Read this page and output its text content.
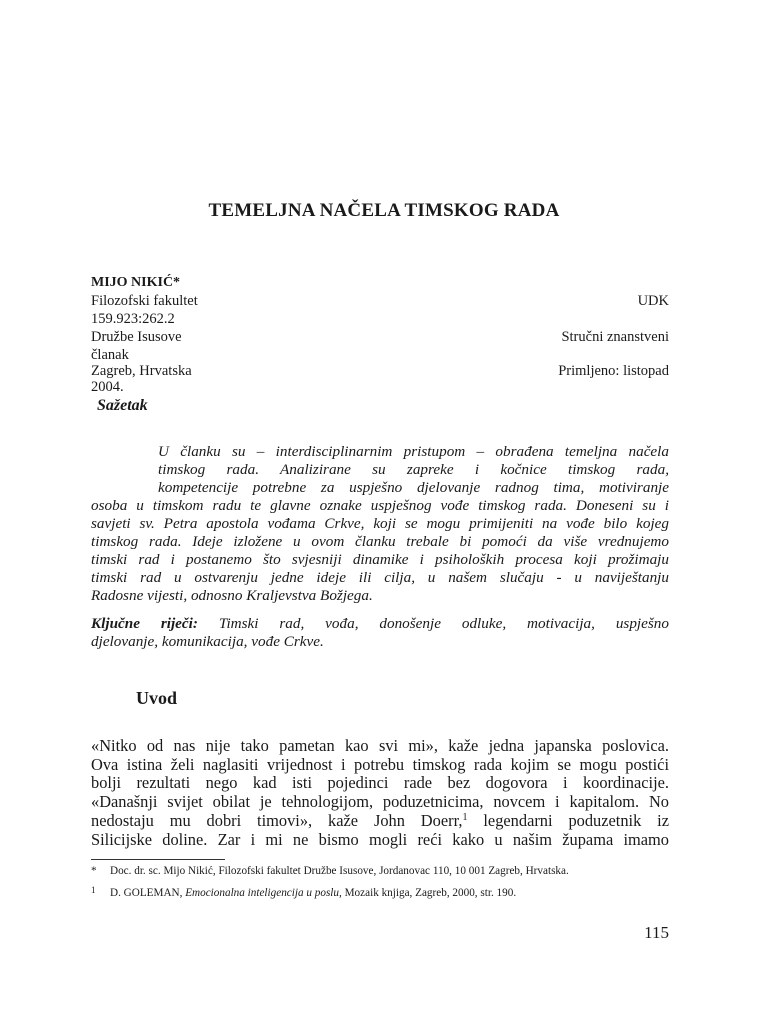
TEMELJNA NAČELA TIMSKOG RADA
MIJO NIKIĆ*
Filozofski fakultet
159.923:262.2
Družbe Isusove
članak
Zagreb, Hrvatska
2004.
UDK
Stručni znanstveni
Primljeno: listopad
Sažetak
U članku su – interdisciplinarnim pristupom – obrađena temeljna načela
timskog rada. Analizirane su zapreke i kočnice timskog rada,
kompetencije potrebne za uspješno djelovanje radnog tima, motiviranje
osoba u timskom radu te glavne oznake uspješnog vođe timskog rada. Doneseni su i
savjeti sv. Petra apostola vođama Crkve, koji se mogu primijeniti na vođe bilo kojeg
timskog rada. Ideje izložene u ovom članku trebale bi pomoći da više vrednujemo
timski rad i postanemo što svjesniji dinamike i psiholoških procesa koji prožimaju
timski rad u ostvarenju jedne ideje ili cilja, u našem slučaju - u naviještanju
Radosne vijesti, odnosno Kraljevstva Božjega.
Ključne riječi: Timski rad, vođa, donošenje odluke, motivacija, uspješno
djelovanje, komunikacija, vođe Crkve.
Uvod
«Nitko od nas nije tako pametan kao svi mi», kaže jedna japanska poslovica.
Ova istina želi naglasiti vrijednost i potrebu timskog rada kojim se mogu postići
bolji rezultati nego kad isti pojedinci rade bez dogovora i koordinacije.
«Današnji svijet obilat je tehnologijom, poduzetnicima, novcem i kapitalom. No
nedostaju mu dobri timovi», kaže John Doerr,$^1$ legendarni poduzetnik iz
Silicijske doline. Zar i mi ne bismo mogli reći kako u našim župama imamo
* Doc. dr. sc. Mijo Nikić, Filozofski fakultet Družbe Isusove, Jordanovac 110, 10 001 Zagreb, Hrvatska.
1 D. GOLEMAN, Emocionalna inteligencija u poslu, Mozaik knjiga, Zagreb, 2000, str. 190.
115
